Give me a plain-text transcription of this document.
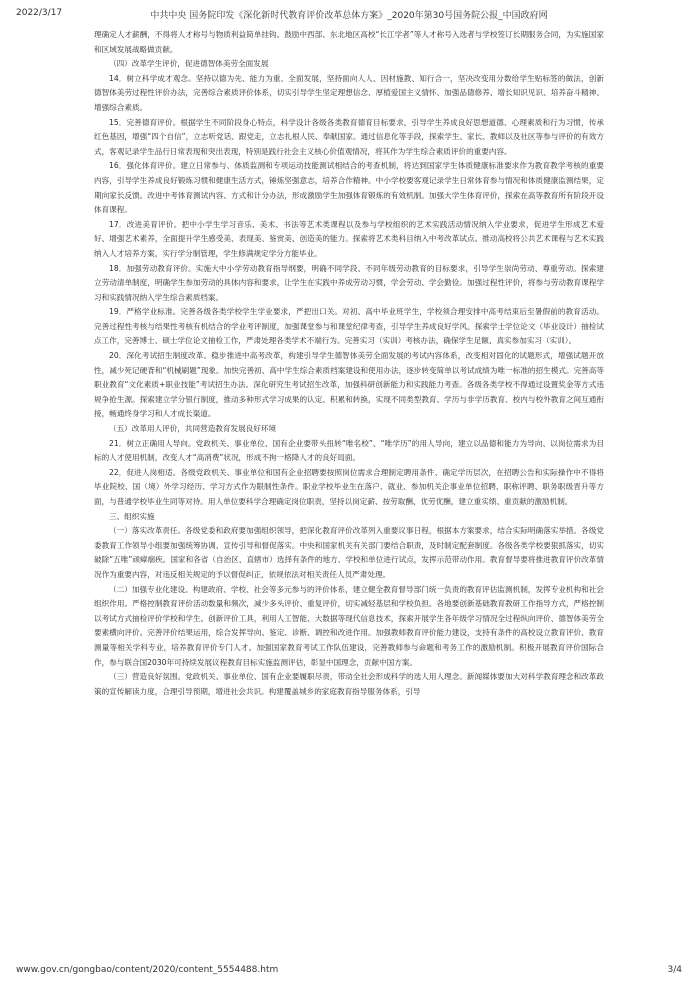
2022/3/17	中共中央 国务院印发《深化新时代教育评价改革总体方案》_2020年第30号国务院公报_中国政府网

理确定人才薪酬，不得将人才称号与物质利益简单挂钩。鼓励中西部、东北地区高校“长江学者”等人才称号入选者与学校签订长期服务合同，为实施国家和区域发展战略做贡献。

（四）改革学生评价，促进德智体美劳全面发展

14．树立科学成才观念。坚持以德为先、能力为重、全面发展，坚持面向人人、因材施教、知行合一，坚决改变用分数给学生贴标签的做法，创新德智体美劳过程性评价办法，完善综合素质评价体系，切实引导学生坚定理想信念、厚植爱国主义情怀、加强品德修养、增长知识见识、培养奋斗精神、增强综合素质。

15．完善德育评价。根据学生不同阶段身心特点，科学设计各级各类教育德育目标要求，引导学生养成良好思想道德、心理素质和行为习惯，传承红色基因，增强“四个自信”，立志听党话、跟党走，立志扎根人民、奉献国家。通过信息化等手段，探索学生、家长、教师以及社区等参与评价的有效方式，客观记录学生品行日常表现和突出表现，特别是践行社会主义核心价值观情况，将其作为学生综合素质评价的重要内容。

16．强化体育评价。建立日常参与、体质监测和专项运动技能测试相结合的考查机制，将达到国家学生体质健康标准要求作为教育教学考核的重要内容，引导学生养成良好锻炼习惯和健康生活方式，锤炼坚强意志，培养合作精神。中小学校要客观记录学生日常体育参与情况和体质健康监测结果，定期向家长反馈。改进中考体育测试内容、方式和计分办法，形成激励学生加强体育锻炼的有效机制。加强大学生体育评价，探索在高等教育所有阶段开设体育课程。

17．改进美育评价。把中小学生学习音乐、美术、书法等艺术类课程以及参与学校组织的艺术实践活动情况纳入学业要求，促进学生形成艺术爱好、增强艺术素养，全面提升学生感受美、表现美、鉴赏美、创造美的能力。探索将艺术类科目纳入中考改革试点。推动高校将公共艺术课程与艺术实践纳入人才培养方案，实行学分制管理，学生修满规定学分方能毕业。

18．加强劳动教育评价。实施大中小学劳动教育指导纲要，明确不同学段、不同年级劳动教育的目标要求，引导学生崇尚劳动、尊重劳动。探索建立劳动清单制度，明确学生参加劳动的具体内容和要求，让学生在实践中养成劳动习惯，学会劳动、学会勤俭。加强过程性评价，将参与劳动教育课程学习和实践情况纳入学生综合素质档案。

19．严格学业标准。完善各级各类学校学生学业要求，严把出口关。对初、高中毕业班学生，学校须合理安排中高考结束后至暑假前的教育活动。完善过程性考核与结果性考核有机结合的学业考评制度，加强课堂参与和课堂纪律考查，引导学生养成良好学风。探索学士学位论文（毕业设计）抽检试点工作，完善博士、硕士学位论文抽检工作，严肃处理各类学术不端行为。完善实习（实训）考核办法，确保学生足额、真实参加实习（实训）。

20．深化考试招生制度改革。稳步推进中高考改革，构建引导学生德智体美劳全面发展的考试内容体系，改变相对固化的试题形式，增强试题开放性，减少死记硬背和“机械刷题”现象。加快完善初、高中学生综合素质档案建设和使用办法，逐步转变简单以考试成绩为唯一标准的招生模式。完善高等职业教育“文化素质+职业技能”考试招生办法。深化研究生考试招生改革，加强科研创新能力和实践能力考查。各级各类学校不得通过设置奖金等方式违规争抢生源。探索建立学分银行制度，推动多种形式学习成果的认定、积累和转换，实现不同类型教育、学历与非学历教育、校内与校外教育之间互通衔接，畅通终身学习和人才成长渠道。

（五）改革用人评价，共同营造教育发展良好环境

21．树立正确用人导向。党政机关、事业单位、国有企业要带头扭转“唯名校”、“唯学历”的用人导向，建立以品德和能力为导向、以岗位需求为目标的人才使用机制，改变人才“高消费”状况，形成不拘一格降人才的良好局面。

22．促进人岗相适。各级党政机关、事业单位和国有企业招聘要按照岗位需求合理制定聘用条件、确定学历层次，在招聘公告和实际操作中不得将毕业院校、国（境）外学习经历、学习方式作为限制性条件。职业学校毕业生在落户、就业、参加机关企事业单位招聘、职称评聘、职务职级晋升等方面，与普通学校毕业生同等对待。用人单位要科学合理确定岗位职责，坚持以岗定薪、按劳取酬、优劳优酬，建立重实绩、重贡献的激励机制。

三、组织实施

（一）落实改革责任。各级党委和政府要加强组织领导，把深化教育评价改革列入重要议事日程，根据本方案要求，结合实际明确落实举措。各级党委教育工作领导小组要加强统筹协调、宣传引导和督促落实。中央和国家机关有关部门要结合职责，及时制定配套制度。各级各类学校要狠抓落实，切实破除“五唯”顽瘴痼疾。国家和各省（自治区、直辖市）选择有条件的地方、学校和单位进行试点，发挥示范带动作用。教育督导要将推进教育评价改革情况作为重要内容，对违反相关规定的予以督促纠正，依规依法对相关责任人员严肃处理。

（二）加强专业化建设。构建政府、学校、社会等多元参与的评价体系，建立健全教育督导部门统一负责的教育评估监测机制，发挥专业机构和社会组织作用。严格控制教育评价活动数量和频次，减少多头评价、重复评价，切实减轻基层和学校负担。各地要创新基础教育教研工作指导方式，严格控制以考试方式抽检评价学校和学生。创新评价工具，利用人工智能、大数据等现代信息技术，探索开展学生各年级学习情况全过程纵向评价、德智体美劳全要素横向评价。完善评价结果运用，综合发挥导向、鉴定、诊断、调控和改进作用。加强教师教育评价能力建设，支持有条件的高校设立教育评价、教育测量等相关学科专业，培养教育评价专门人才。加强国家教育考试工作队伍建设，完善教师参与命题和考务工作的激励机制。积极开展教育评价国际合作，参与联合国2030年可持续发展议程教育目标实施监测评估，彰显中国理念，贡献中国方案。

（三）营造良好氛围。党政机关、事业单位、国有企业要履职尽责，带动全社会形成科学的选人用人理念。新闻媒体要加大对科学教育理念和改革政策的宣传解读力度，合理引导预期，增进社会共识。构建覆盖城乡的家庭教育指导服务体系，引导

www.gov.cn/gongbao/content/2020/content_5554488.htm	3/4
